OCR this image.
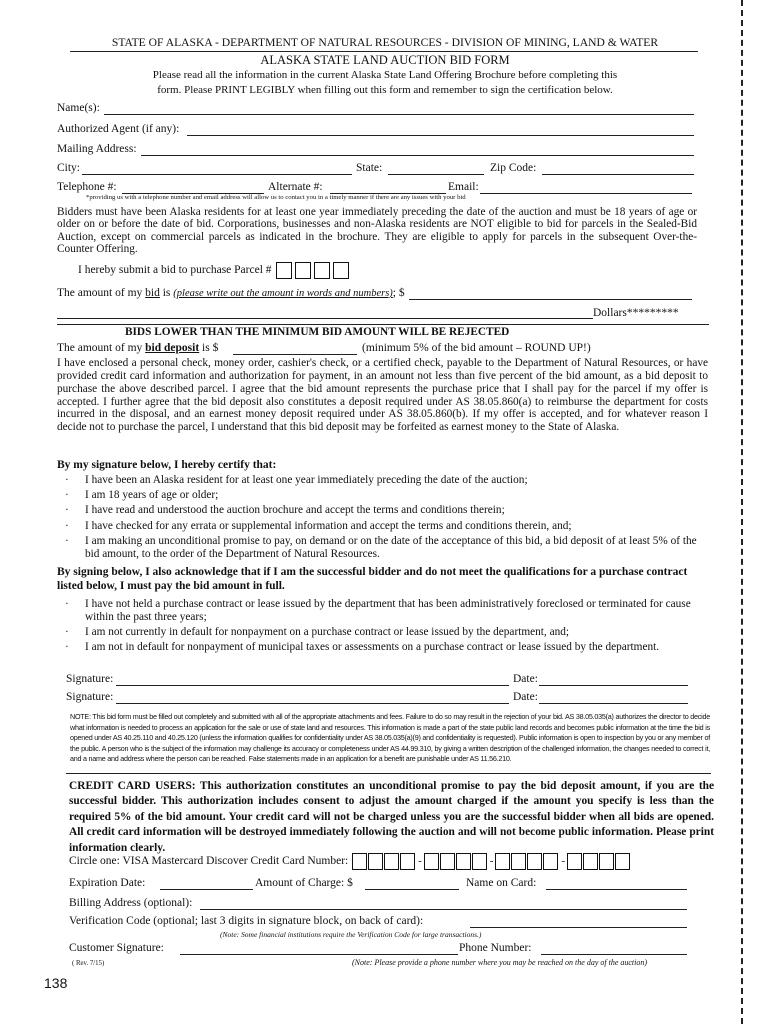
STATE OF ALASKA - DEPARTMENT OF NATURAL RESOURCES - DIVISION OF MINING, LAND & WATER
ALASKA STATE LAND AUCTION BID FORM
Please read all the information in the current Alaska State Land Offering Brochure before completing this
form. Please PRINT LEGIBLY when filling out this form and remember to sign the certification below.
Name(s):
Authorized Agent (if any):
Mailing Address:
City:	State:	Zip Code:
Telephone #:	Alternate #:	Email:
*providing us with a telephone number and email address will allow us to contact you in a timely manner if there are any issues with your bid

Bidders must have been Alaska residents for at least one year immediately preceding the date of the auction and must be 18 years of age or older on or before the date of bid. Corporations, businesses and non-Alaska residents are NOT eligible to bid for parcels in the Sealed-Bid Auction, except on commercial parcels as indicated in the brochure. They are eligible to apply for parcels in the subsequent Over-the-Counter Offering.

I hereby submit a bid to purchase Parcel #
The amount of my bid is (please write out the amount in words and numbers); $
Dollars*********
BIDS LOWER THAN THE MINIMUM BID AMOUNT WILL BE REJECTED
The amount of my bid deposit is $	(minimum 5% of the bid amount – ROUND UP!)

I have enclosed a personal check, money order, cashier's check, or a certified check, payable to the Department of Natural Resources, or have provided credit card information and authorization for payment, in an amount not less than five percent of the bid amount, as a bid deposit to purchase the above described parcel. I agree that the bid amount represents the purchase price that I shall pay for the parcel if my offer is accepted. I further agree that the bid deposit also constitutes a deposit required under AS 38.05.860(a) to reimburse the department for costs incurred in the disposal, and an earnest money deposit required under AS 38.05.860(b). If my offer is accepted, and for whatever reason I decide not to purchase the parcel, I understand that this bid deposit may be forfeited as earnest money to the State of Alaska.

By my signature below, I hereby certify that:
· I have been an Alaska resident for at least one year immediately preceding the date of the auction;
· I am 18 years of age or older;
· I have read and understood the auction brochure and accept the terms and conditions therein;
· I have checked for any errata or supplemental information and accept the terms and conditions therein, and;
· I am making an unconditional promise to pay, on demand or on the date of the acceptance of this bid, a bid deposit of at least 5% of the bid amount, to the order of the Department of Natural Resources.

By signing below, I also acknowledge that if I am the successful bidder and do not meet the qualifications for a purchase contract listed below, I must pay the bid amount in full.

· I have not held a purchase contract or lease issued by the department that has been administratively foreclosed or terminated for cause within the past three years;
· I am not currently in default for nonpayment on a purchase contract or lease issued by the department, and;
· I am not in default for nonpayment of municipal taxes or assessments on a purchase contract or lease issued by the department.
Signature:	Date:
Signature:	Date:

NOTE: This bid form must be filled out completely and submitted with all of the appropriate attachments and fees. Failure to do so may result in the rejection of your bid. AS 38.05.035(a) authorizes the director to decide what information is needed to process an application for the sale or use of state land and resources. This information is made a part of the state public land records and becomes public information at the time the bid is opened under AS 40.25.110 and 40.25.120 (unless the information qualifies for confidentiality under AS 38.05.035(a)(9) and confidentiality is requested). Public information is open to inspection by you or any member of the public. A person who is the subject of the information may challenge its accuracy or completeness under AS 44.99.310, by giving a written description of the challenged information, the changes needed to correct it, and a name and address where the person can be reached. False statements made in an application for a benefit are punishable under AS 11.56.210.

CREDIT CARD USERS: This authorization constitutes an unconditional promise to pay the bid deposit amount, if you are the successful bidder. This authorization includes consent to adjust the amount charged if the amount you specify is less than the required 5% of the bid amount. Your credit card will not be charged unless you are the successful bidder when all bids are opened. All credit card information will be destroyed immediately following the auction and will not become public information. Please print information clearly.

Circle one: VISA Mastercard Discover Credit Card Number:	-	-	-
Expiration Date:	Amount of Charge: $	Name on Card:
Billing Address (optional):
Verification Code (optional; last 3 digits in signature block, on back of card):
(Note: Some financial institutions require the Verification Code for large transactions.)
Customer Signature:	Phone Number:
( Rev. 7/15)	(Note: Please provide a phone number where you may be reached on the day of the auction)
138
